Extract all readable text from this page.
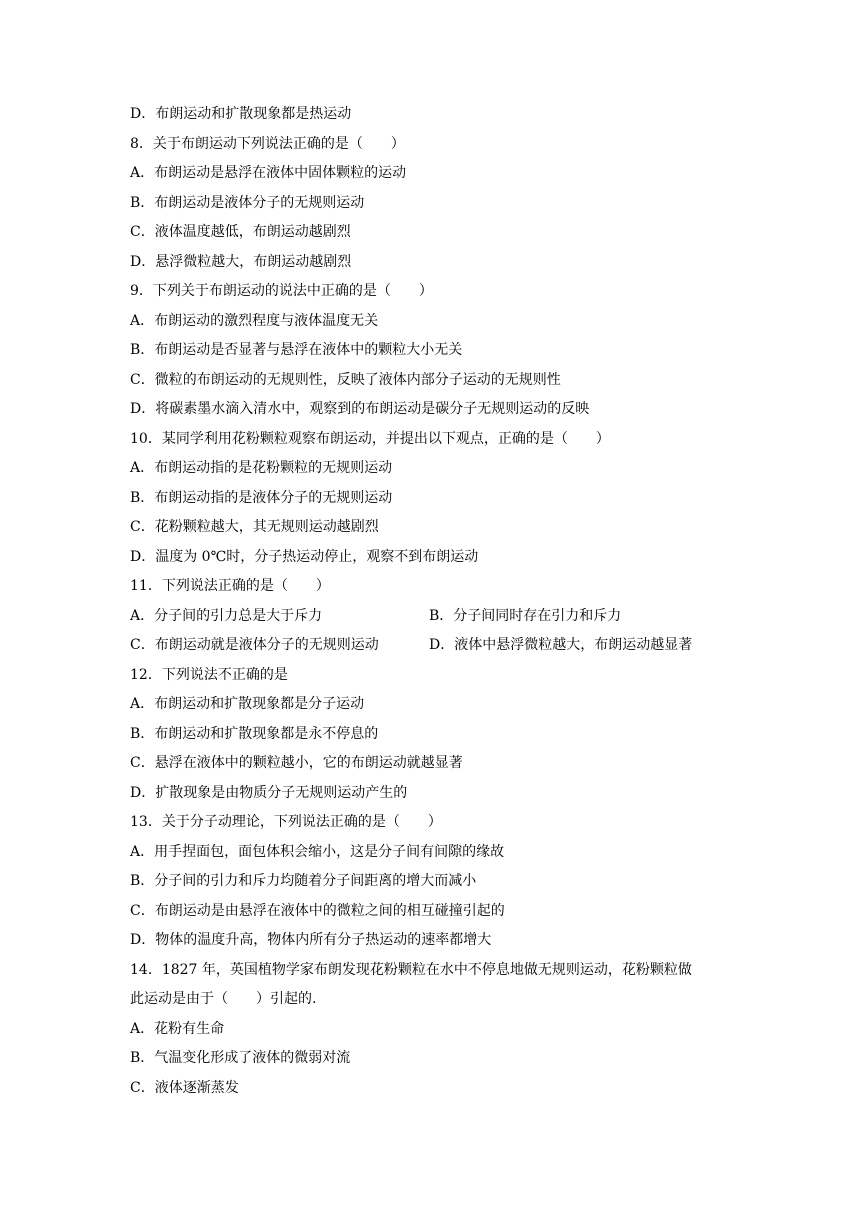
D．布朗运动和扩散现象都是热运动
8．关于布朗运动下列说法正确的是（　　）
A．布朗运动是悬浮在液体中固体颗粒的运动
B．布朗运动是液体分子的无规则运动
C．液体温度越低，布朗运动越剧烈
D．悬浮微粒越大，布朗运动越剧烈
9．下列关于布朗运动的说法中正确的是（　　）
A．布朗运动的激烈程度与液体温度无关
B．布朗运动是否显著与悬浮在液体中的颗粒大小无关
C．微粒的布朗运动的无规则性，反映了液体内部分子运动的无规则性
D．将碳素墨水滴入清水中，观察到的布朗运动是碳分子无规则运动的反映
10．某同学利用花粉颗粒观察布朗运动，并提出以下观点，正确的是（　　）
A．布朗运动指的是花粉颗粒的无规则运动
B．布朗运动指的是液体分子的无规则运动
C．花粉颗粒越大，其无规则运动越剧烈
D．温度为 0℃时，分子热运动停止，观察不到布朗运动
11．下列说法正确的是（　　）
A．分子间的引力总是大于斥力	B．分子间同时存在引力和斥力
C．布朗运动就是液体分子的无规则运动	D．液体中悬浮微粒越大，布朗运动越显著
12．下列说法不正确的是
A．布朗运动和扩散现象都是分子运动
B．布朗运动和扩散现象都是永不停息的
C．悬浮在液体中的颗粒越小，它的布朗运动就越显著
D．扩散现象是由物质分子无规则运动产生的
13．关于分子动理论，下列说法正确的是（　　）
A．用手捏面包，面包体积会缩小，这是分子间有间隙的缘故
B．分子间的引力和斥力均随着分子间距离的增大而减小
C．布朗运动是由悬浮在液体中的微粒之间的相互碰撞引起的
D．物体的温度升高，物体内所有分子热运动的速率都增大
14．1827 年，英国植物学家布朗发现花粉颗粒在水中不停息地做无规则运动，花粉颗粒做
此运动是由于（　　）引起的.
A．花粉有生命
B．气温变化形成了液体的微弱对流
C．液体逐渐蒸发
